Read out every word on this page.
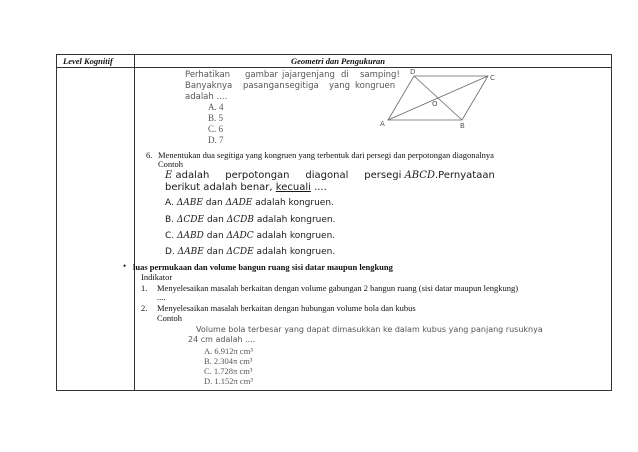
Level Kognitif	Geometri dan Pengukuran
Perhatikan gambar jajargenjang di samping!
Banyaknya pasangan segitiga yang kongruen
adalah ....
A. 4
B. 5
C. 6
D. 7
D
C
A	B
O
6. Menentukan dua segitiga yang kongruen yang terbentuk dari persegi dan perpotongan diagonalnya
Contoh
E adalah     perpotongan     diagonal     persegi ABCD.Pernyataan
berikut adalah benar, kecuali ....
A. ΔABE dan ΔADE adalah kongruen.
B. ΔCDE dan ΔCDB adalah kongruen.
C. ΔABD dan ΔADC adalah kongruen.
D. ΔABE dan ΔCDE adalah kongruen.
• luas permukaan dan volume bangun ruang sisi datar maupun lengkung
Indikator
1. Menyelesaikan masalah berkaitan dengan volume gabungan 2 bangun ruang (sisi datar maupun lengkung)
....
2. Menyelesaikan masalah berkaitan dengan hubungan volume bola dan kubus
Contoh
Volume bola terbesar yang dapat dimasukkan ke dalam kubus yang panjang rusuknya
24 cm adalah ....
A. 6.912π cm³
B. 2.304π cm³
C. 1.728π cm³
D. 1.152π cm³
